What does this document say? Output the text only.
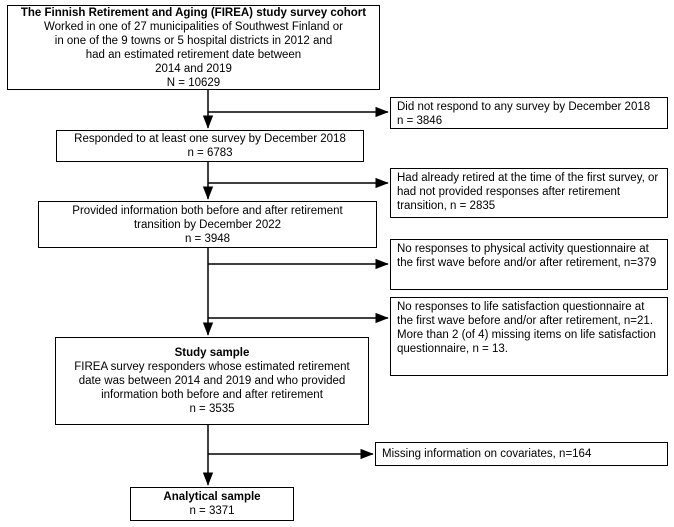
The Finnish Retirement and Aging (FIREA) study survey cohort
Worked in one of 27 municipalities of Southwest Finland or
in one of the 9 towns or 5 hospital districts in 2012 and
had an estimated retirement date between
2014 and 2019
N = 10629
Did not respond to any survey by December 2018
n = 3846
Responded to at least one survey by December 2018
n = 6783
Had already retired at the time of the first survey, or had not provided responses after retirement transition, n = 2835
Provided information both before and after retirement
transition by December 2022
n = 3948
No responses to physical activity questionnaire at the first wave before and/or after retirement, n=379
No responses to life satisfaction questionnaire at the first wave before and/or after retirement, n=21.
More than 2 (of 4) missing items on life satisfaction questionnaire, n = 13.
Study sample
FIREA survey responders whose estimated retirement
date was between 2014 and 2019 and who provided
information both before and after retirement
n = 3535
Missing information on covariates, n=164
Analytical sample
n = 3371
